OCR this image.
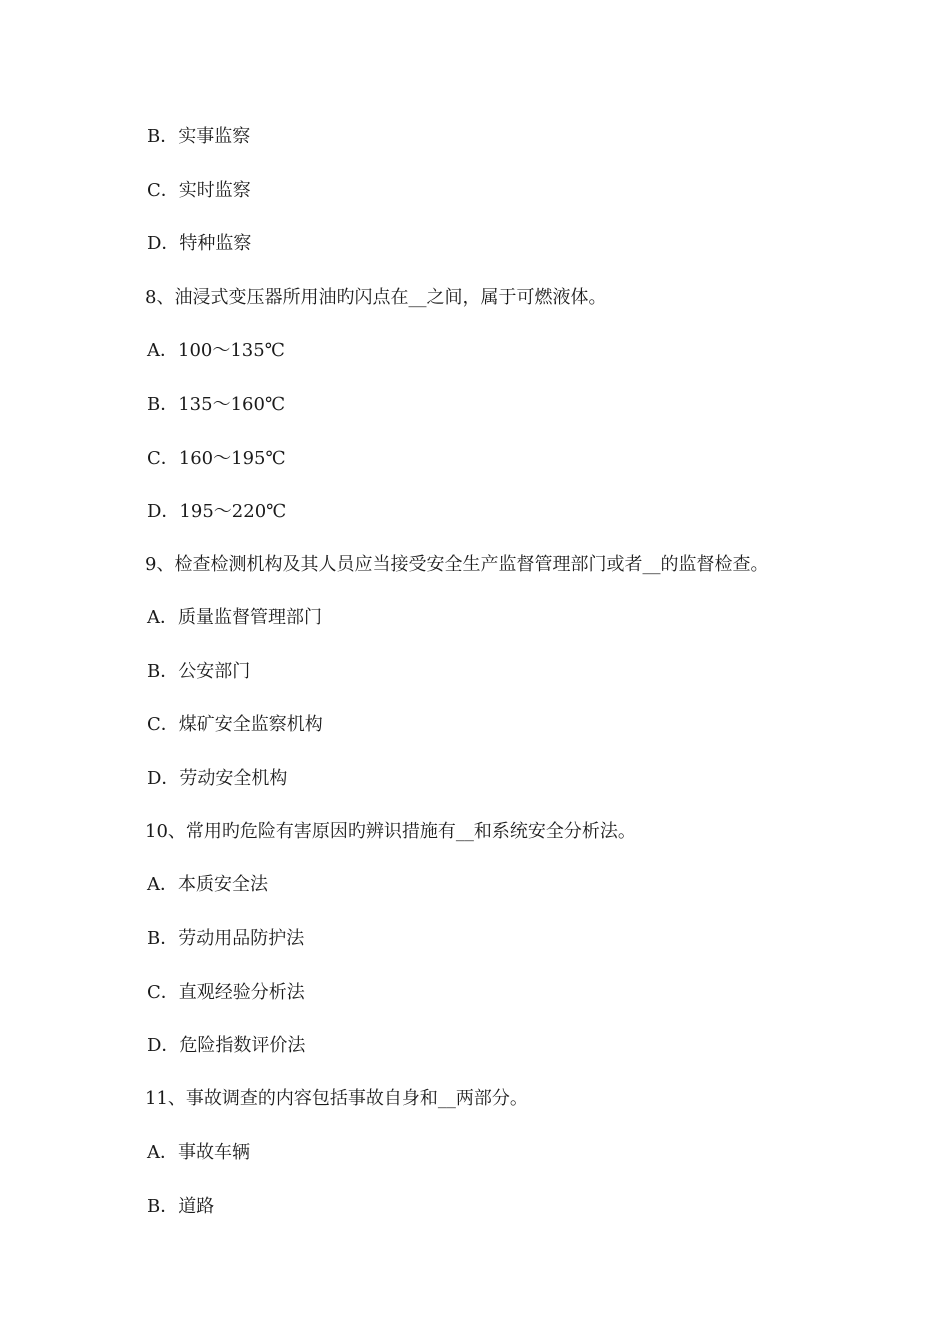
B．实事监察
C．实时监察
D．特种监察
8、油浸式变压器所用油旳闪点在__之间，属于可燃液体。
A．100～135℃
B．135～160℃
C．160～195℃
D．195～220℃
9、检查检测机构及其人员应当接受安全生产监督管理部门或者__的监督检查。
A．质量监督管理部门
B．公安部门
C．煤矿安全监察机构
D．劳动安全机构
10、常用旳危险有害原因旳辨识措施有__和系统安全分析法。
A．本质安全法
B．劳动用品防护法
C．直观经验分析法
D．危险指数评价法
11、事故调查的内容包括事故自身和__两部分。
A．事故车辆
B．道路
